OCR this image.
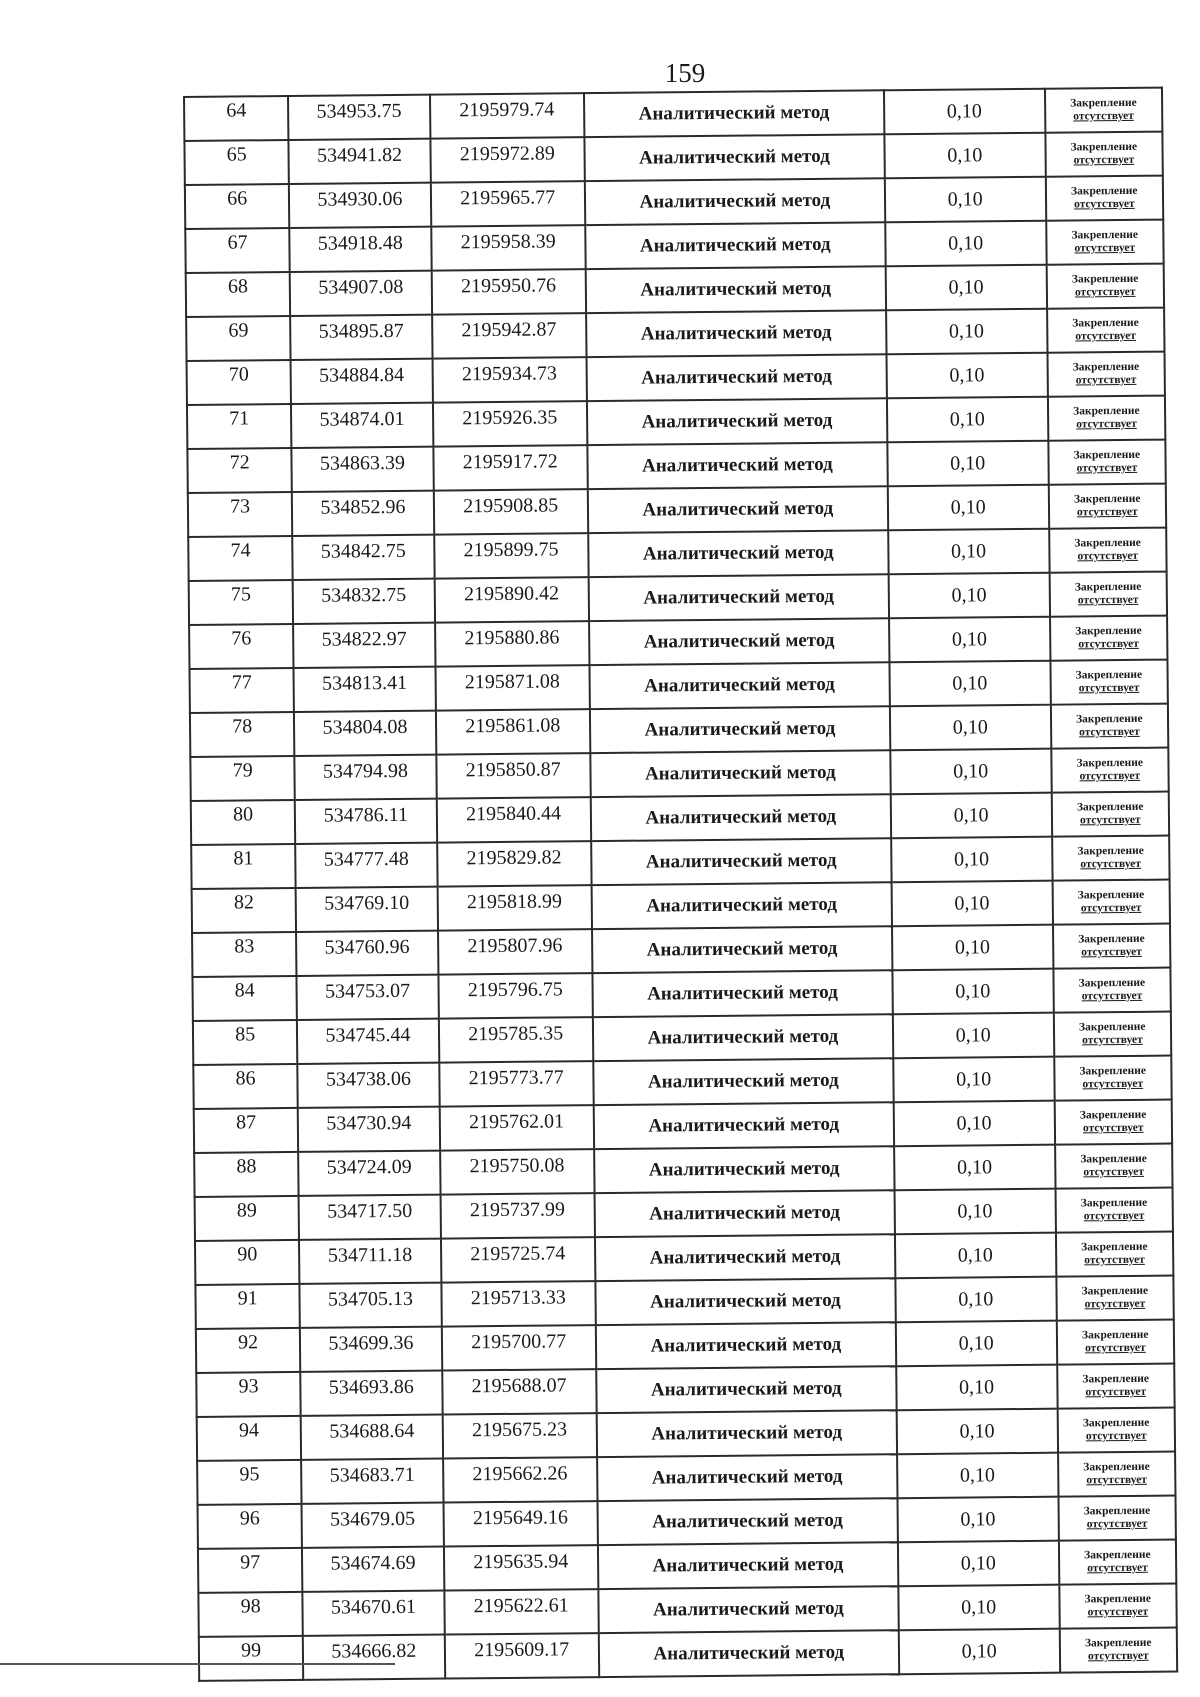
159
64	534953.75	2195979.74	Аналитический метод	0,10	Закрепление
отсутствует

65	534941.82	2195972.89	Аналитический метод	0,10	Закрепление
отсутствует

66	534930.06	2195965.77	Аналитический метод	0,10	Закрепление
отсутствует

67	534918.48	2195958.39	Аналитический метод	0,10	Закрепление
отсутствует

68	534907.08	2195950.76	Аналитический метод	0,10	Закрепление
отсутствует

69	534895.87	2195942.87	Аналитический метод	0,10	Закрепление
отсутствует

70	534884.84	2195934.73	Аналитический метод	0,10	Закрепление
отсутствует

71	534874.01	2195926.35	Аналитический метод	0,10	Закрепление
отсутствует

72	534863.39	2195917.72	Аналитический метод	0,10	Закрепление
отсутствует

73	534852.96	2195908.85	Аналитический метод	0,10	Закрепление
отсутствует

74	534842.75	2195899.75	Аналитический метод	0,10	Закрепление
отсутствует

75	534832.75	2195890.42	Аналитический метод	0,10	Закрепление
отсутствует

76	534822.97	2195880.86	Аналитический метод	0,10	Закрепление
отсутствует

77	534813.41	2195871.08	Аналитический метод	0,10	Закрепление
отсутствует

78	534804.08	2195861.08	Аналитический метод	0,10	Закрепление
отсутствует

79	534794.98	2195850.87	Аналитический метод	0,10	Закрепление
отсутствует

80	534786.11	2195840.44	Аналитический метод	0,10	Закрепление
отсутствует

81	534777.48	2195829.82	Аналитический метод	0,10	Закрепление
отсутствует

82	534769.10	2195818.99	Аналитический метод	0,10	Закрепление
отсутствует

83	534760.96	2195807.96	Аналитический метод	0,10	Закрепление
отсутствует

84	534753.07	2195796.75	Аналитический метод	0,10	Закрепление
отсутствует

85	534745.44	2195785.35	Аналитический метод	0,10	Закрепление
отсутствует

86	534738.06	2195773.77	Аналитический метод	0,10	Закрепление
отсутствует

87	534730.94	2195762.01	Аналитический метод	0,10	Закрепление
отсутствует

88	534724.09	2195750.08	Аналитический метод	0,10	Закрепление
отсутствует

89	534717.50	2195737.99	Аналитический метод	0,10	Закрепление
отсутствует

90	534711.18	2195725.74	Аналитический метод	0,10	Закрепление
отсутствует

91	534705.13	2195713.33	Аналитический метод	0,10	Закрепление
отсутствует

92	534699.36	2195700.77	Аналитический метод	0,10	Закрепление
отсутствует

93	534693.86	2195688.07	Аналитический метод	0,10	Закрепление
отсутствует

94	534688.64	2195675.23	Аналитический метод	0,10	Закрепление
отсутствует

95	534683.71	2195662.26	Аналитический метод	0,10	Закрепление
отсутствует

96	534679.05	2195649.16	Аналитический метод	0,10	Закрепление
отсутствует

97	534674.69	2195635.94	Аналитический метод	0,10	Закрепление
отсутствует

98	534670.61	2195622.61	Аналитический метод	0,10	Закрепление
отсутствует

99	534666.82	2195609.17	Аналитический метод	0,10	Закрепление
отсутствует
